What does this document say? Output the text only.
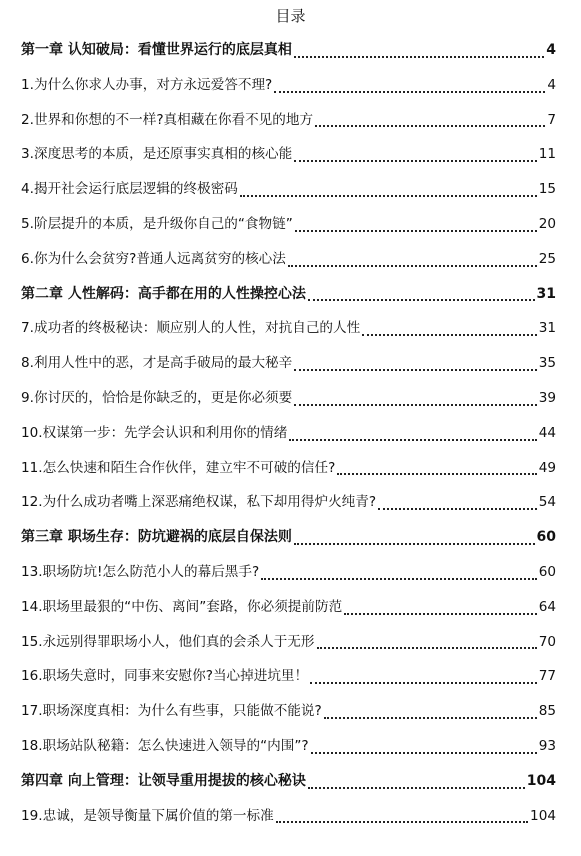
目录
第一章 认知破局：看懂世界运行的底层真相	4
1.为什么你求人办事，对方永远爱答不理?	4
2.世界和你想的不一样?真相藏在你看不见的地方	7
3.深度思考的本质，是还原事实真相的核心能	11
4.揭开社会运行底层逻辑的终极密码	15
5.阶层提升的本质，是升级你自己的“食物链”	20
6.你为什么会贫穷?普通人远离贫穷的核心法	25
第二章 人性解码：高手都在用的人性操控心法	31
7.成功者的终极秘诀：顺应别人的人性，对抗自己的人性	31
8.利用人性中的恶，才是高手破局的最大秘辛	35
9.你讨厌的，恰恰是你缺乏的，更是你必须要	39
10.权谋第一步：先学会认识和利用你的情绪	44
11.怎么快速和陌生合作伙伴，建立牢不可破的信任?	49
12.为什么成功者嘴上深恶痛绝权谋，私下却用得炉火纯青?	54
第三章 职场生存：防坑避祸的底层自保法则	60
13.职场防坑!怎么防范小人的幕后黑手?	60
14.职场里最狠的“中伤、离间”套路，你必须提前防范	64
15.永远别得罪职场小人，他们真的会杀人于无形	70
16.职场失意时，同事来安慰你?当心掉进坑里！	77
17.职场深度真相：为什么有些事，只能做不能说?	85
18.职场站队秘籍：怎么快速进入领导的“内围”?	93
第四章 向上管理：让领导重用提拔的核心秘诀	104
19.忠诚，是领导衡量下属价值的第一标准	104
